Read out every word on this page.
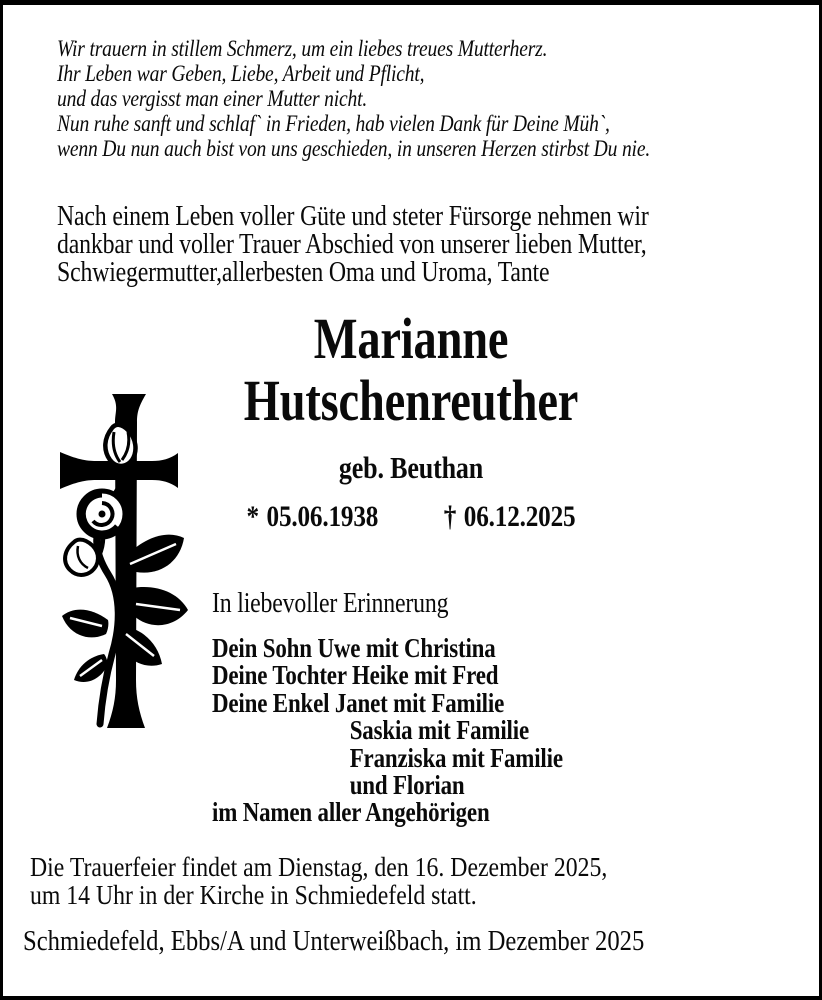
Wir trauern in stillem Schmerz, um ein liebes treues Mutterherz.
Ihr Leben war Geben, Liebe, Arbeit und Pflicht,
und das vergisst man einer Mutter nicht.
Nun ruhe sanft und schlaf` in Frieden, hab vielen Dank für Deine Müh`,
wenn Du nun auch bist von uns geschieden, in unseren Herzen stirbst Du nie.
Nach einem Leben voller Güte und steter Fürsorge nehmen wir
dankbar und voller Trauer Abschied von unserer lieben Mutter,
Schwiegermutter,allerbesten Oma und Uroma, Tante
Marianne
Hutschenreuther
geb. Beuthan
* 05.06.1938 † 06.12.2025
In liebevoller Erinnerung
Dein Sohn Uwe mit Christina
Deine Tochter Heike mit Fred
Deine Enkel Janet mit Familie
Saskia mit Familie
Franziska mit Familie
und Florian
im Namen aller Angehörigen
Die Trauerfeier findet am Dienstag, den 16. Dezember 2025,
um 14 Uhr in der Kirche in Schmiedefeld statt.
Schmiedefeld, Ebbs/A und Unterweißbach, im Dezember 2025
